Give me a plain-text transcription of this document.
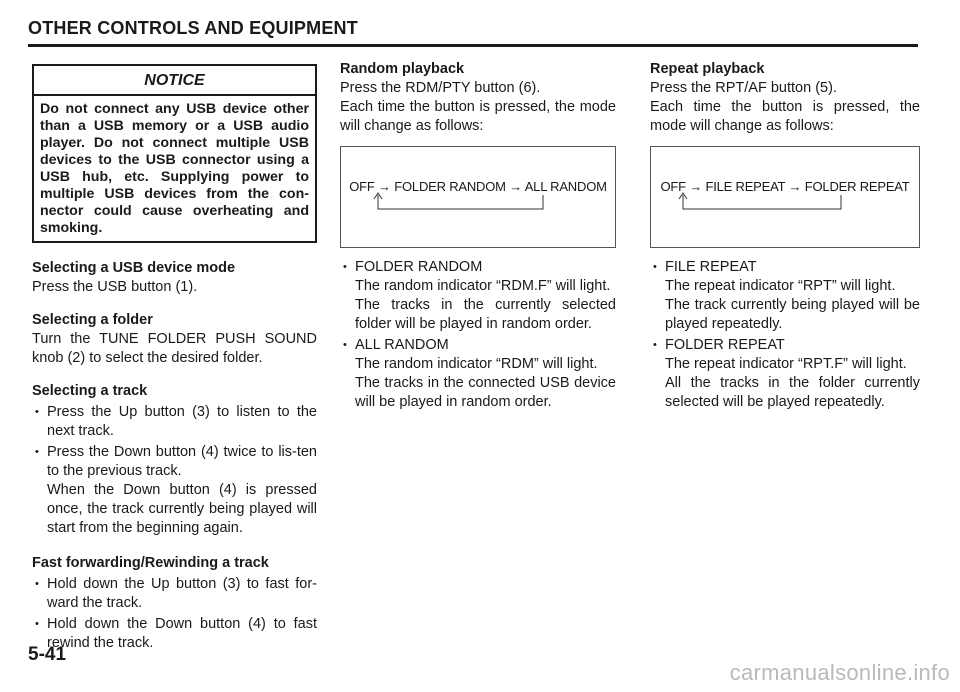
OTHER CONTROLS AND EQUIPMENT
NOTICE
Do not connect any USB device other than a USB memory or a USB audio player. Do not connect multiple USB devices to the USB connector using a USB hub, etc. Supplying power to multiple USB devices from the con-nector could cause overheating and smoking.
Selecting a USB device mode

Press the USB button (1).

Selecting a folder

Turn the TUNE FOLDER PUSH SOUND knob (2) to select the desired folder.

Selecting a track
• Press the Up button (3) to listen to the next track.
• Press the Down button (4) twice to lis-ten to the previous track.
When the Down button (4) is pressed once, the track currently being played will start from the beginning again.
Fast forwarding/Rewinding a track
• Hold down the Up button (3) to fast for-ward the track.
• Hold down the Down button (4) to fast rewind the track.
Random playback

Press the RDM/PTY button (6).

Each time the button is pressed, the mode will change as follows:

OFF → FOLDER RANDOM → ALL RANDOM
• FOLDER RANDOM
The random indicator “RDM.F” will light.
The tracks in the currently selected folder will be played in random order.
• ALL RANDOM
The random indicator “RDM” will light.
The tracks in the connected USB device will be played in random order.
Repeat playback

Press the RPT/AF button (5).

Each time the button is pressed, the mode will change as follows:

OFF → FILE REPEAT → FOLDER REPEAT
• FILE REPEAT
The repeat indicator “RPT” will light.
The track currently being played will be played repeatedly.
• FOLDER REPEAT
The repeat indicator “RPT.F” will light.
All the tracks in the folder currently selected will be played repeatedly.
5-41
carmanualsonline.info
